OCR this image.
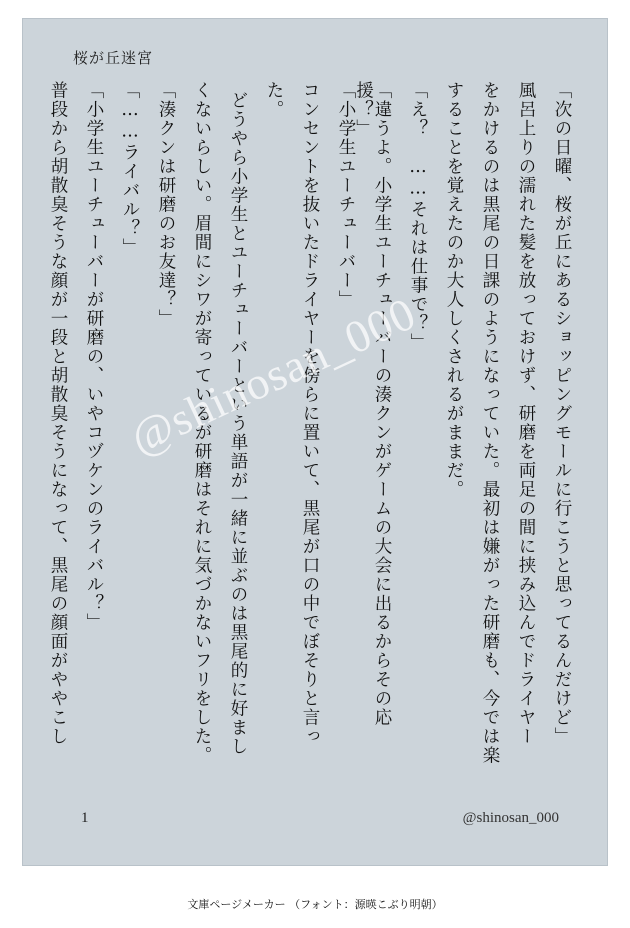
桜が丘迷宮
「次の日曜、桜が丘にあるショッピングモールに行こうと思ってるんだけど」
風呂上りの濡れた髪を放っておけず、研磨を両足の間に挟み込んでドライヤー
をかけるのは黒尾の日課のようになっていた。最初は嫌がった研磨も、今では楽
することを覚えたのか大人しくされるがままだ。
「え？　……それは仕事で？」
「違うよ。小学生ユーチューバーの湊クンがゲームの大会に出るからその応援？」
「小学生ユーチューバー」
コンセントを抜いたドライヤーを傍らに置いて、黒尾が口の中でぼそりと言っ
た。
どうやら小学生とユーチューバーという単語が一緒に並ぶのは黒尾的に好まし
くないらしい。眉間にシワが寄っているが研磨はそれに気づかないフリをした。
「湊クンは研磨のお友達？」
「……ライバル？」
「小学生ユーチューバーが研磨の、いやコヅケンのライバル？」
普段から胡散臭そうな顔が一段と胡散臭そうになって、黒尾の顔面がややこし	@shinosan_000
1	@shinosan_000
文庫ページメーカー （フォント：源暎こぶり明朝）
